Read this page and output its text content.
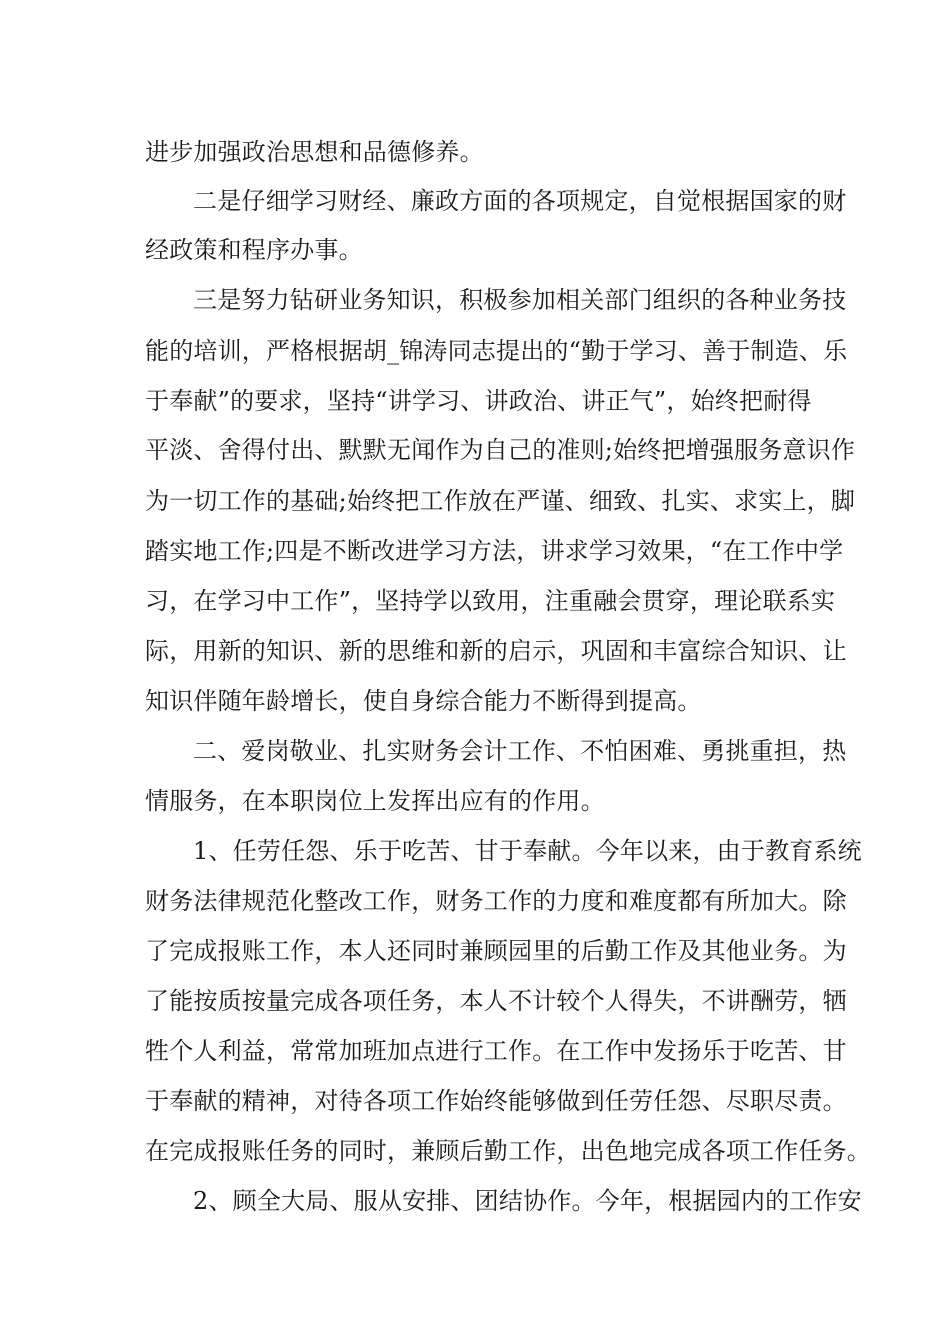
进步加强政治思想和品德修养。
二是仔细学习财经、廉政方面的各项规定，自觉根据国家的财
经政策和程序办事。
三是努力钻研业务知识，积极参加相关部门组织的各种业务技
能的培训，严格根据胡_锦涛同志提出的“勤于学习、善于制造、乐
于奉献”的要求，坚持“讲学习、讲政治、讲正气”，始终把耐得
平淡、舍得付出、默默无闻作为自己的准则;始终把增强服务意识作
为一切工作的基础;始终把工作放在严谨、细致、扎实、求实上，脚
踏实地工作;四是不断改进学习方法，讲求学习效果，“在工作中学
习，在学习中工作”，坚持学以致用，注重融会贯穿，理论联系实
际，用新的知识、新的思维和新的启示，巩固和丰富综合知识、让
知识伴随年龄增长，使自身综合能力不断得到提高。
二、爱岗敬业、扎实财务会计工作、不怕困难、勇挑重担，热
情服务，在本职岗位上发挥出应有的作用。
1、任劳任怨、乐于吃苦、甘于奉献。今年以来，由于教育系统
财务法律规范化整改工作，财务工作的力度和难度都有所加大。除
了完成报账工作，本人还同时兼顾园里的后勤工作及其他业务。为
了能按质按量完成各项任务，本人不计较个人得失，不讲酬劳，牺
牲个人利益，常常加班加点进行工作。在工作中发扬乐于吃苦、甘
于奉献的精神，对待各项工作始终能够做到任劳任怨、尽职尽责。
在完成报账任务的同时，兼顾后勤工作，出色地完成各项工作任务。
2、顾全大局、服从安排、团结协作。今年，根据园内的工作安
